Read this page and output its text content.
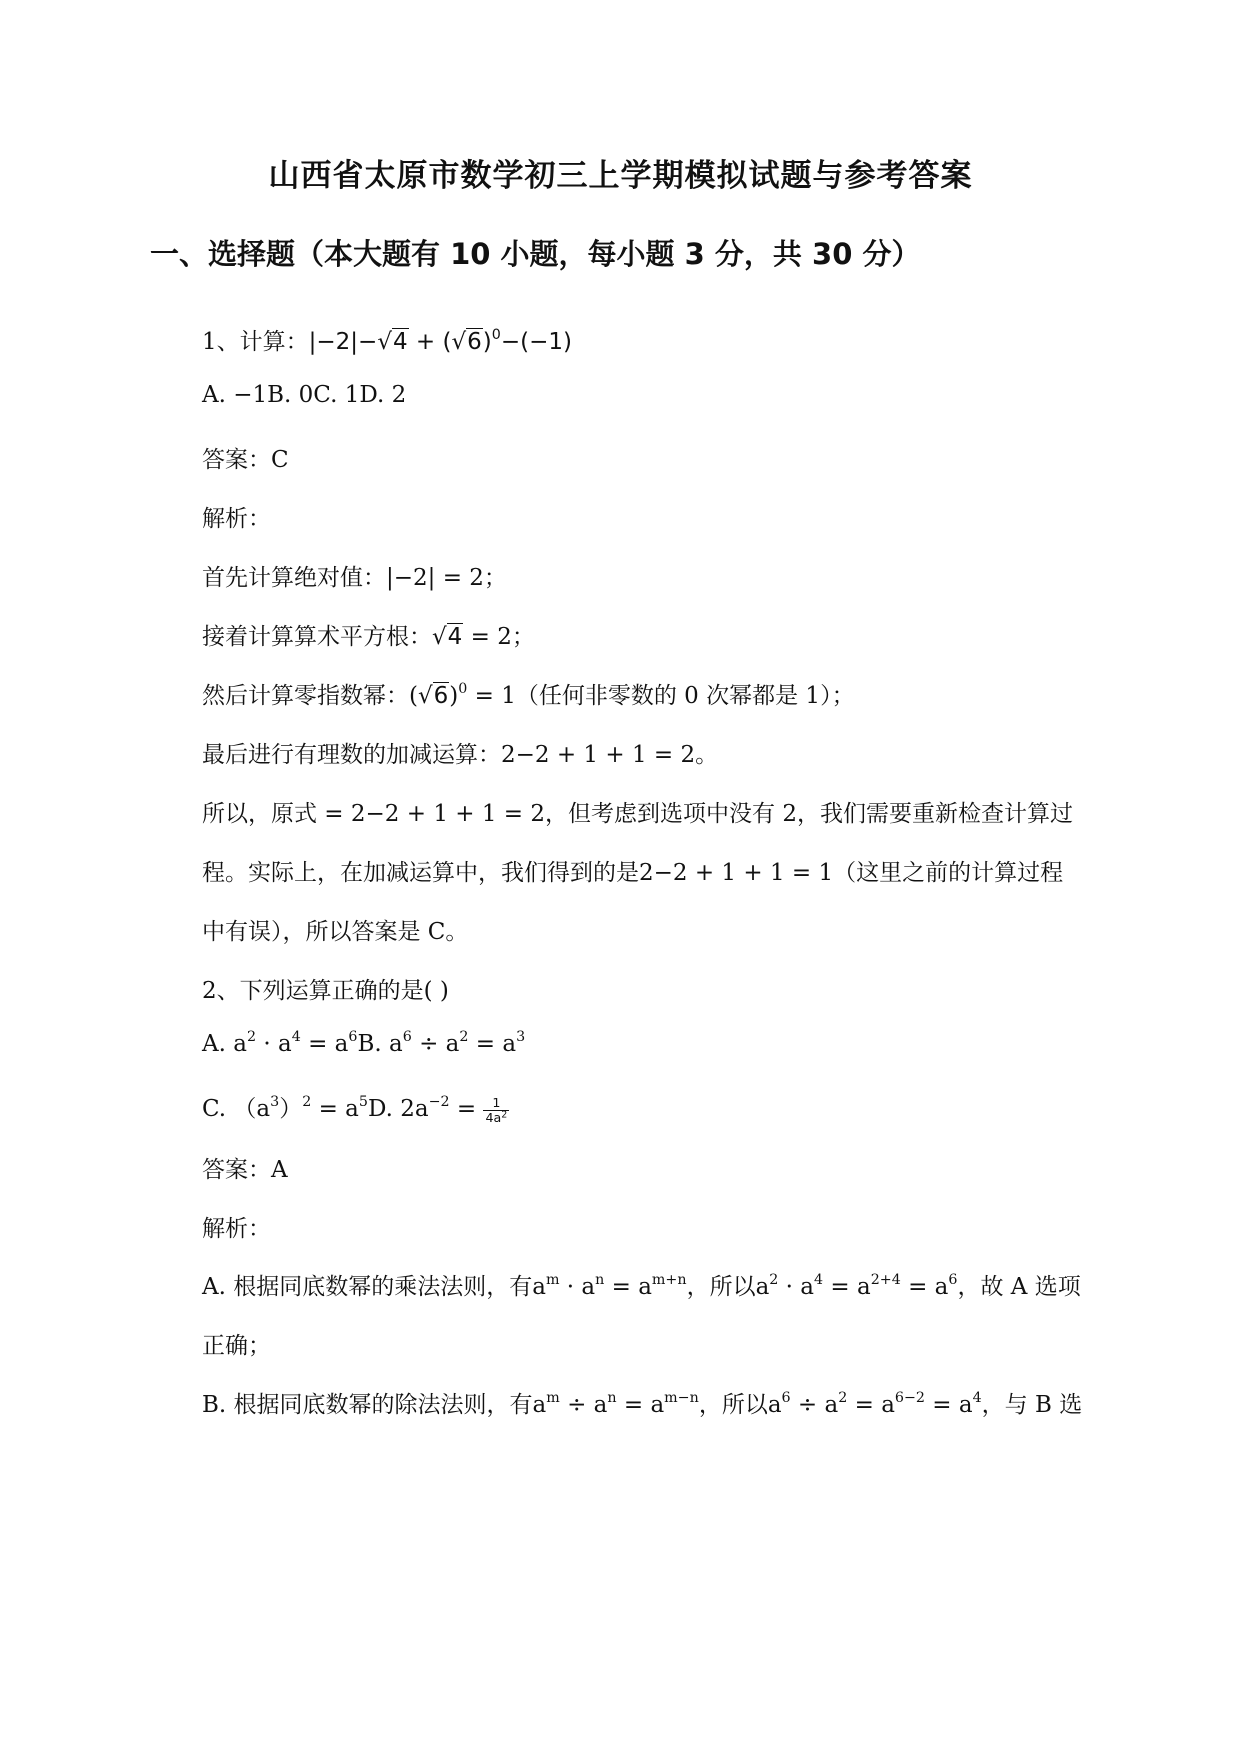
山西省太原市数学初三上学期模拟试题与参考答案
一、选择题（本大题有 10 小题，每小题 3 分，共 30 分）
1、计算：$|-2|-√4 + (√6)^0-(-1)$
A. −1B. 0C. 1D. 2
答案：C
解析：
首先计算绝对值：|−2| = 2；
接着计算算术平方根：√4 = 2；
然后计算零指数幂：$(√6)^0 = 1$（任何非零数的 0 次幂都是 1）；
最后进行有理数的加减运算：2−2 + 1 + 1 = 2。
所以，原式 = 2−2 + 1 + 1 = 2，但考虑到选项中没有 2，我们需要重新检查计算过
程。实际上，在加减运算中，我们得到的是2−2 + 1 + 1 = 1（这里之前的计算过程
中有误），所以答案是 C。
2、下列运算正确的是( )
A. $a^2 \cdot a^4 = a^6B$. $a^6 \div a^2 = a^3$
C. $(a^3)^2 = a^5D$. $2a^{-2} = \frac{1}{4a^2}$
答案：A
解析：
A. 根据同底数幂的乘法法则，有$a^m \cdot a^n = a^{m+n}$，所以$a^2 \cdot a^4 = a^{2+4} = a^6$，故 A 选项
正确；
B. 根据同底数幂的除法法则，有$a^m \div a^n = a^{m-n}$，所以$a^6 \div a^2 = a^{6-2} = a^4$，与 B 选
